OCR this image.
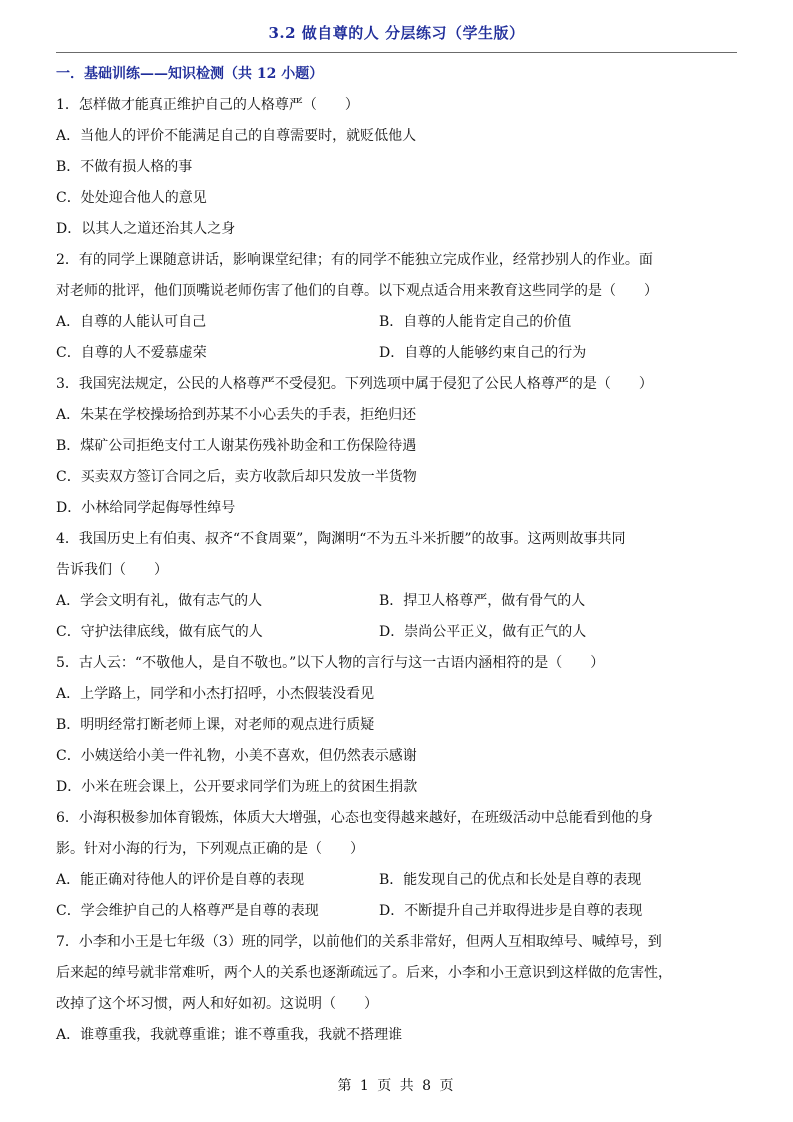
3.2 做自尊的人 分层练习（学生版）
一．基础训练——知识检测（共 12 小题）
1．怎样做才能真正维护自己的人格尊严（　　）
A．当他人的评价不能满足自己的自尊需要时，就贬低他人
B．不做有损人格的事
C．处处迎合他人的意见
D．以其人之道还治其人之身
2．有的同学上课随意讲话，影响课堂纪律；有的同学不能独立完成作业，经常抄别人的作业。面
对老师的批评，他们顶嘴说老师伤害了他们的自尊。以下观点适合用来教育这些同学的是（　　）
A．自尊的人能认可自己	B．自尊的人能肯定自己的价值
C．自尊的人不爱慕虚荣	D．自尊的人能够约束自己的行为
3．我国宪法规定，公民的人格尊严不受侵犯。下列选项中属于侵犯了公民人格尊严的是（　　）
A．朱某在学校操场拾到苏某不小心丢失的手表，拒绝归还
B．煤矿公司拒绝支付工人谢某伤残补助金和工伤保险待遇
C．买卖双方签订合同之后，卖方收款后却只发放一半货物
D．小林给同学起侮辱性绰号
4．我国历史上有伯夷、叔齐“不食周粟”，陶渊明“不为五斗米折腰”的故事。这两则故事共同
告诉我们（　　）
A．学会文明有礼，做有志气的人	B．捍卫人格尊严，做有骨气的人
C．守护法律底线，做有底气的人	D．崇尚公平正义，做有正气的人
5．古人云：“不敬他人，是自不敬也。”以下人物的言行与这一古语内涵相符的是（　　）
A．上学路上，同学和小杰打招呼，小杰假装没看见
B．明明经常打断老师上课，对老师的观点进行质疑
C．小姨送给小美一件礼物，小美不喜欢，但仍然表示感谢
D．小米在班会课上，公开要求同学们为班上的贫困生捐款
6．小海积极参加体育锻炼，体质大大增强，心态也变得越来越好，在班级活动中总能看到他的身
影。针对小海的行为，下列观点正确的是（　　）
A．能正确对待他人的评价是自尊的表现	B．能发现自己的优点和长处是自尊的表现
C．学会维护自己的人格尊严是自尊的表现	D．不断提升自己并取得进步是自尊的表现
7．小李和小王是七年级（3）班的同学，以前他们的关系非常好，但两人互相取绰号、喊绰号，到
后来起的绰号就非常难听，两个人的关系也逐渐疏远了。后来，小李和小王意识到这样做的危害性，
改掉了这个坏习惯，两人和好如初。这说明（　　）
A．谁尊重我，我就尊重谁；谁不尊重我，我就不搭理谁
第 1 页 共 8 页
